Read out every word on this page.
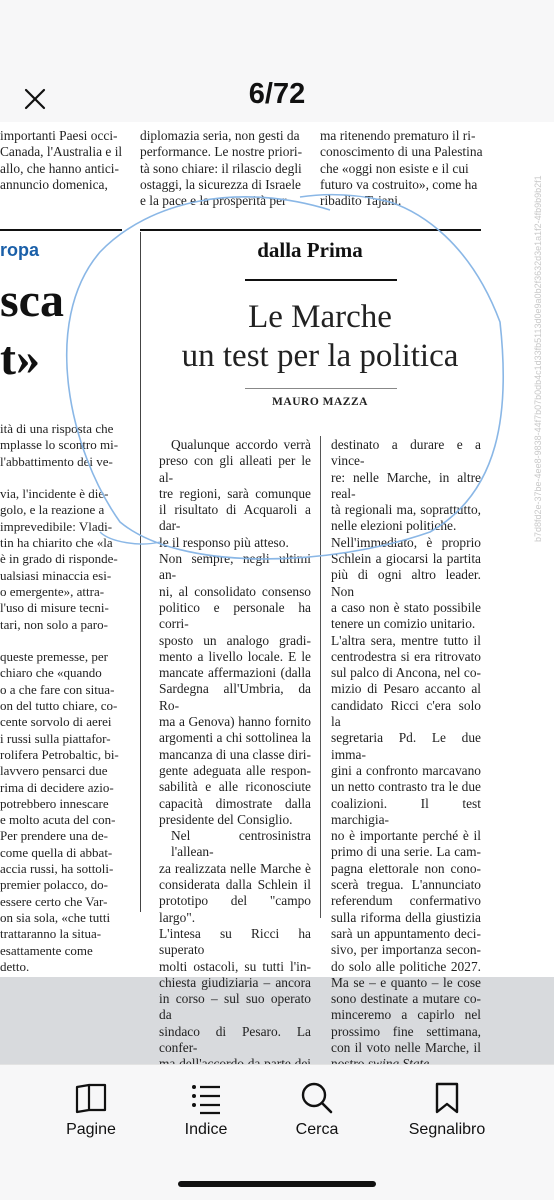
6/72
importanti Paesi occi-
Canada, l'Australia e il
allo, che hanno antici-
annuncio domenica,
diplomazia seria, non gesti da
performance. Le nostre priori-
tà sono chiare: il rilascio degli
ostaggi, la sicurezza di Israele
e la pace e la prosperità per
ma ritenendo prematuro il ri-
conoscimento di una Palestina
che «oggi non esiste e il cui
futuro va costruito», come ha
ribadito Tajani.
ropa
sca
t»
ità di una risposta che
mplasse lo scontro mi-
l'abbattimento dei ve-

via, l'incidente è die-
golo, e la reazione a
imprevedibile: Vladi-
tin ha chiarito che «la
è in grado di risponde-
ualsiasi minaccia esi-
o emergente», attra-
l'uso di misure tecni-
tari, non solo a paro-

queste premesse, per
chiaro che «quando
o a che fare con situa-
on del tutto chiare, co-
cente sorvolo di aerei
i russi sulla piattafor-
rolifera Petrobaltic, bi-
lavvero pensarci due
rima di decidere azio-
potrebbero innescare
e molto acuta del con-
Per prendere una de-
come quella di abbat-
accia russi, ha sottoli-
premier polacco, do-
essere certo che Var-
on sia sola, «che tutti
trattaranno la situa-
esattamente come
detto.
dalla Prima
Le Marche
un test per la politica
MAURO MAZZA
Qualunque accordo verrà
preso con gli alleati per le al-
tre regioni, sarà comunque
il risultato di Acquaroli a dar-
le il responso più atteso.
Non sempre, negli ultimi an-
ni, al consolidato consenso
politico e personale ha corri-
sposto un analogo gradi-
mento a livello locale. E le
mancate affermazioni (dalla
Sardegna all'Umbria, da Ro-
ma a Genova) hanno fornito
argomenti a chi sottolinea la
mancanza di una classe diri-
gente adeguata alle respon-
sabilità e alle riconosciute
capacità dimostrate dalla
presidente del Consiglio.
Nel centrosinistra l'allean-
za realizzata nelle Marche è
considerata dalla Schlein il
prototipo del "campo largo".
L'intesa su Ricci ha superato
molti ostacoli, su tutti l'in-
chiesta giudiziaria – ancora
in corso – sul suo operato da
sindaco di Pesaro. La confer-
destinato a durare e a vince-
re: nelle Marche, in altre real-
tà regionali ma, soprattutto,
nelle elezioni politiche.
Nell'immediato, è proprio
Schlein a giocarsi la partita
più di ogni altro leader. Non
a caso non è stato possibile
tenere un comizio unitario.
L'altra sera, mentre tutto il
centrodestra si era ritrovato
sul palco di Ancona, nel co-
mizio di Pesaro accanto al
candidato Ricci c'era solo la
segretaria Pd. Le due imma-
gini a confronto marcavano
un netto contrasto tra le due
coalizioni. Il test marchigia-
no è importante perché è il
primo di una serie. La cam-
pagna elettorale non cono-
scerà tregua. L'annunciato
referendum confermativo
sulla riforma della giustizia
sarà un appuntamento deci-
sivo, per importanza secon-
do solo alle politiche 2027.
Ma se – e quanto – le cose
sono destinate a mutare co-
minceremo a capirlo nel
prossimo fine settimana,
con il voto nelle Marche, il
b7d8fd2e-37be-4ee8-9838-44f7b07b0db4c1d33fb5113d0e9a0b2f3632d3e1a1f2-4fb9b9b2f1
Pagine	Indice	Cerca	Segnalibro
